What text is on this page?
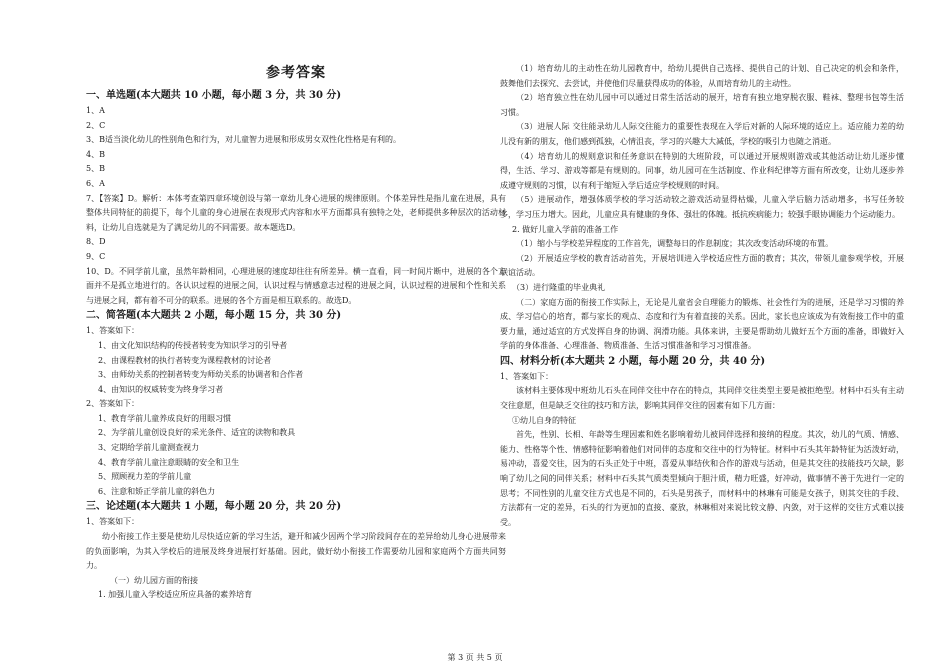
参考答案

一、单选题(本大题共 10 小题，每小题 3 分，共 30 分)

1、A

2、C

3、B适当淡化幼儿的性别角色和行为，对儿童智力进展和形成男女双性化性格是有利的。

4、B

5、B

6、A

7、【答案】D。解析：本体考查第四章环境创设与第一章幼儿身心进展的规律原则。个体差异性是指儿童在进展，具有整体共同特征的前提下，每个儿童的身心进展在表现形式内容和水平方面都具有独特之处，老师提供多种层次的活动材料，让幼儿自选就是为了满足幼儿的不同需要。故本题选D。

8、D

9、C

10、D。不同学前儿童，虽然年龄相同，心理进展的速度却往往有所差异。横一直看，同一时间片断中，进展的各个方面并不是孤立地进行的。各认识过程的进展之间，认识过程与情感意志过程的进展之间，认识过程的进展和个性和关系与进展之间，都有着不可分的联系。进展的各个方面是相互联系的。故选D。

二、简答题(本大题共 2 小题，每小题 15 分，共 30 分)

1、答案如下：

1、由文化知识结构的传授者转变为知识学习的引导者

2、由课程教材的执行者转变为课程教材的讨论者

3、由师幼关系的控制者转变为师幼关系的协调者和合作者

4、由知识的权威转变为终身学习者

2、答案如下：

1、教育学前儿童养成良好的用眼习惯

2、为学前儿童创设良好的采光条件、适宜的读物和教具

3、定期给学前儿童测查视力

4、教育学前儿童注意眼睛的安全和卫生

5、照顾视力差的学前儿童

6、注意和矫正学前儿童的斜色力

三、论述题(本大题共 1 小题，每小题 20 分，共 20 分)

1、答案如下：

幼小衔接工作主要是使幼儿尽快适应新的学习生活，避开和减少因两个学习阶段间存在的差异给幼儿身心进展带来的负面影响，为其入学校后的进展及终身进展打好基础。因此，做好幼小衔接工作需要幼儿园和家庭两个方面共同努力。

（一）幼儿园方面的衔接

1. 加强儿童入学校适应所应具备的素养培育

（1）培育幼儿的主动性在幼儿园教育中，给幼儿提供自己选择、提供自己的计划、自己决定的机会和条件，鼓舞他们去探究、去尝试，并使他们尽量获得成功的体验，从而培育幼儿的主动性。

（2）培育独立性在幼儿园中可以通过日常生活活动的展开，培育有独立地穿脱衣服、鞋袜、整理书包等生活习惯。

（3）进展人际 交往能录幼儿人际交往能力的重要性表现在入学后对新的人际环境的适应上。适应能力差的幼儿没有新的朋友，他们感到孤独，心情沮丧，学习的兴趣大大减低，学校的吸引力也随之消逝。

（4）培育幼儿的规则意识和任务意识在特别的大班阶段，可以通过开展规则游戏或其他活动让幼儿逐步懂得，生活、学习、游戏等都是有规则的。同事，幼儿园可在生活制度、作业科纪律等方面有所改变，让幼儿逐步养成遵守规则的习惯，以有利于缩短入学后适应学校规则的时间。

（5）进展动作，增强体质学校的学习活动较之游戏活动显得枯燥，儿童入学后脑力活动增多，书写任务较多，学习压力增大。因此，儿童应具有健康的身体、强壮的体魄。抵抗疾病能力；较强手眼协调能力个运动能力。

2. 做好儿童入学前的准备工作

（1）缩小与学校差异程度的工作首先，调整每日的作息制度；其次改变活动环境的布置。

（2）开展适应学校的教育活动首先，开展培训进入学校适应性方面的教育；其次，带领儿童参观学校，开展联谊活动。

（3）进行隆重的毕业典礼

（二）家庭方面的衔接工作实际上，无论是儿童省会自理能力的锻炼、社会性行为的进展，还是学习习惯的养成、学习信心的培育，都与家长的观点、态度和行为有着直接的关系。因此，家长也应该成为有效衔接工作中的重要力量，通过适宜的方式发挥自身的协调、润滑功能。具体来讲，主要是帮助幼儿做好五个方面的准备，即做好入学前的身体准备、心理准备、物质准备、生活习惯准备和学习习惯准备。

四、材料分析(本大题共 2 小题，每小题 20 分，共 40 分)

1、答案如下：

该材料主要体现中班幼儿石头在同伴交往中存在的特点，其同伴交往类型主要是被拒绝型。材料中石头有主动交往意愿，但是缺乏交往的技巧和方法，影响其同伴交往的因素有如下几方面：

①幼儿自身的特征

首先，性别、长相、年龄等生理因素和姓名影响着幼儿被同伴选择和接纳的程度。其次，幼儿的气质、情感、能力、性格等个性、情感特征影响着他们对同伴的态度和交往中的行为特征。材料中石头其年龄特征为活泼好动，易冲动，喜爱交往，因为的石头正处于中班，喜爱从事结伙和合作的游戏与活动，但是其交往的技能技巧欠缺，影响了幼儿之间的同伴关系；材料中石头其气质类型倾向于胆汁质，精力旺盛，好冲动，做事情不善于先进行一定的思考；不同性别的儿童交往方式也是不同的，石头是男孩子，而材料中的林琳有可能是女孩子，则其交往的手段、方法都有一定的差异，石头的行为更加的直接、豪放，林琳相对来说比较文静、内敛，对于这样的交往方式难以接受。

第 3 页 共 5 页
